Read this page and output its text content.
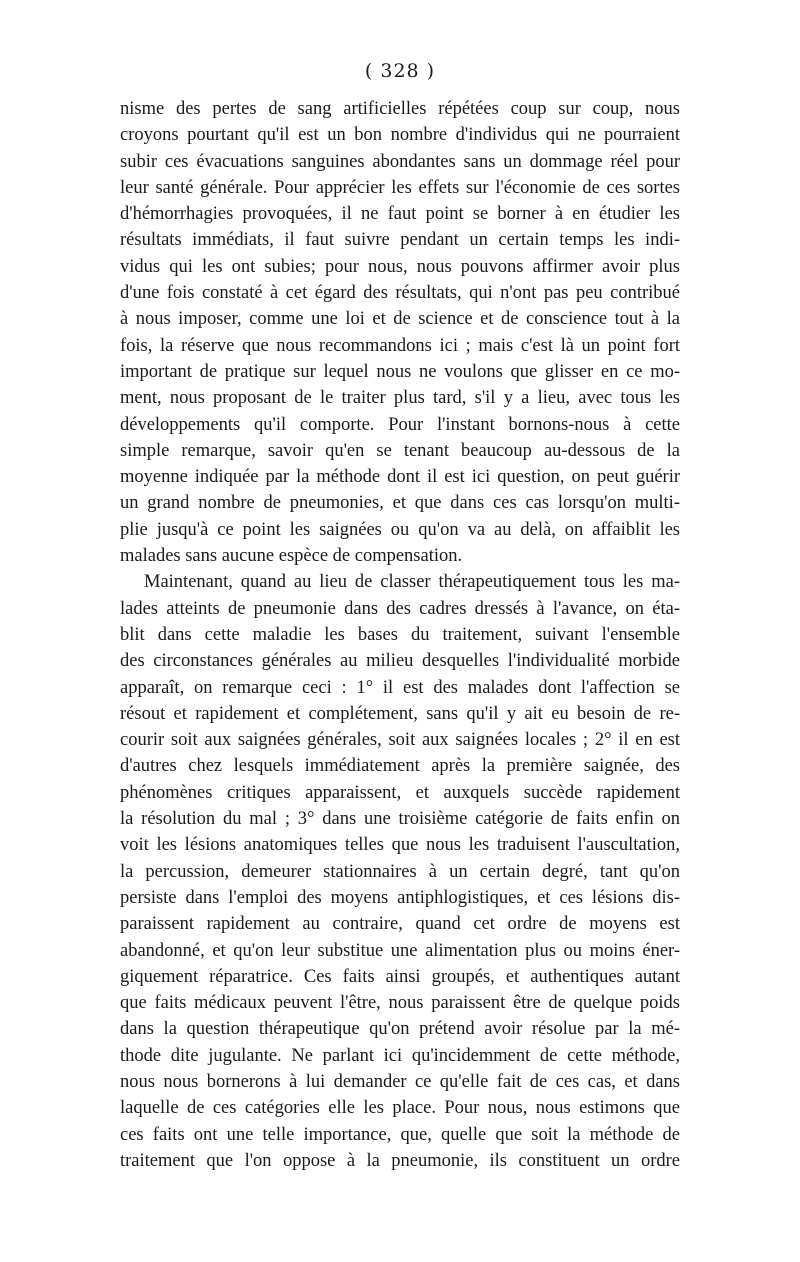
( 328 )
nisme des pertes de sang artificielles répétées coup sur coup, nous
croyons pourtant qu'il est un bon nombre d'individus qui ne pourraient
subir ces évacuations sanguines abondantes sans un dommage réel pour
leur santé générale. Pour apprécier les effets sur l'économie de ces sortes
d'hémorrhagies provoquées, il ne faut point se borner à en étudier les
résultats immédiats, il faut suivre pendant un certain temps les indi-
vidus qui les ont subies; pour nous, nous pouvons affirmer avoir plus
d'une fois constaté à cet égard des résultats, qui n'ont pas peu contribué
à nous imposer, comme une loi et de science et de conscience tout à la
fois, la réserve que nous recommandons ici ; mais c'est là un point fort
important de pratique sur lequel nous ne voulons que glisser en ce mo-
ment, nous proposant de le traiter plus tard, s'il y a lieu, avec tous les
développements qu'il comporte. Pour l'instant bornons-nous à cette
simple remarque, savoir qu'en se tenant beaucoup au-dessous de la
moyenne indiquée par la méthode dont il est ici question, on peut guérir
un grand nombre de pneumonies, et que dans ces cas lorsqu'on multi-
plie jusqu'à ce point les saignées ou qu'on va au delà, on affaiblit les
malades sans aucune espèce de compensation.
Maintenant, quand au lieu de classer thérapeutiquement tous les ma-
lades atteints de pneumonie dans des cadres dressés à l'avance, on éta-
blit dans cette maladie les bases du traitement, suivant l'ensemble
des circonstances générales au milieu desquelles l'individualité morbide
apparaît, on remarque ceci : 1° il est des malades dont l'affection se
résout et rapidement et complétement, sans qu'il y ait eu besoin de re-
courir soit aux saignées générales, soit aux saignées locales ; 2° il en est
d'autres chez lesquels immédiatement après la première saignée, des
phénomènes critiques apparaissent, et auxquels succède rapidement
la résolution du mal ; 3° dans une troisième catégorie de faits enfin on
voit les lésions anatomiques telles que nous les traduisent l'auscultation,
la percussion, demeurer stationnaires à un certain degré, tant qu'on
persiste dans l'emploi des moyens antiphlogistiques, et ces lésions dis-
paraissent rapidement au contraire, quand cet ordre de moyens est
abandonné, et qu'on leur substitue une alimentation plus ou moins éner-
giquement réparatrice. Ces faits ainsi groupés, et authentiques autant
que faits médicaux peuvent l'être, nous paraissent être de quelque poids
dans la question thérapeutique qu'on prétend avoir résolue par la mé-
thode dite jugulante. Ne parlant ici qu'incidemment de cette méthode,
nous nous bornerons à lui demander ce qu'elle fait de ces cas, et dans
laquelle de ces catégories elle les place. Pour nous, nous estimons que
ces faits ont une telle importance, que, quelle que soit la méthode de
traitement que l'on oppose à la pneumonie, ils constituent un ordre
